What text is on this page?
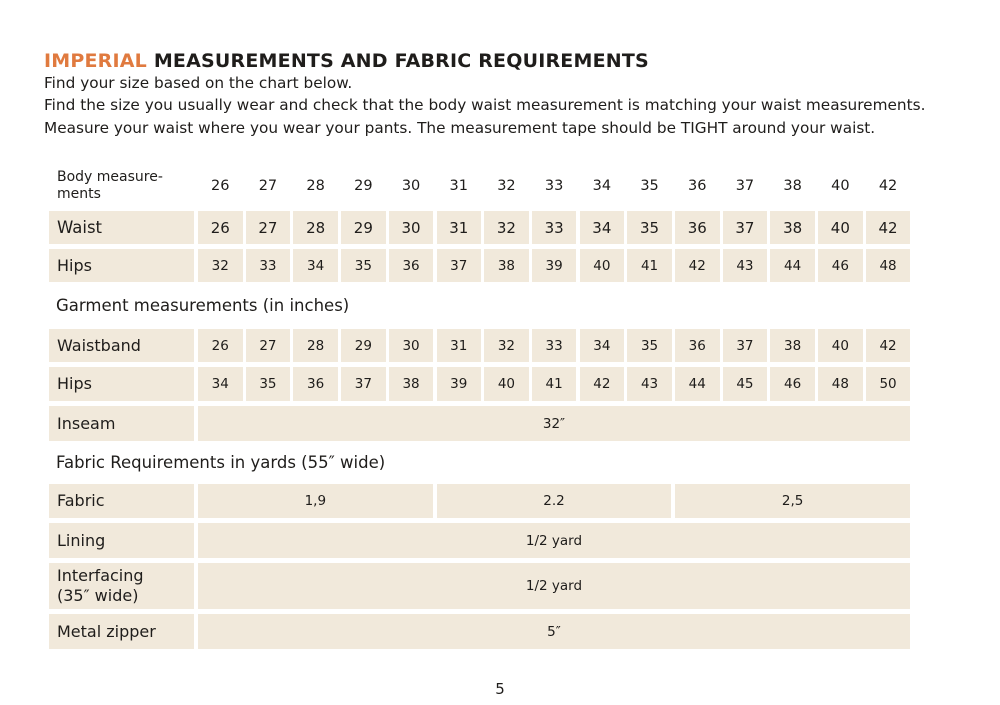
IMPERIAL MEASUREMENTS AND FABRIC REQUIREMENTS

Find your size based on the chart below.

Find the size you usually wear and check that the body waist measurement is matching your waist measurements.

Measure your waist where you wear your pants. The measurement tape should be TIGHT around your waist.

Body measure-
ments	26	27	28	29	30	31	32	33	34	35	36	37	38	40	42
Waist	26	27	28	29	30	31	32	33	34	35	36	37	38	40	42
Hips	32	33	34	35	36	37	38	39	40	41	42	43	44	46	48
Waistband	26	27	28	29	30	31	32	33	34	35	36	37	38	40	42
Hips	34	35	36	37	38	39	40	41	42	43	44	45	46	48	50
Inseam	32″
Fabric	1,9	2.2	2,5
Lining	1/2 yard
Interfacing
(35″ wide)	1/2 yard
Metal zipper	5″
Garment measurements (in inches)
Fabric Requirements in yards (55″ wide)
5
